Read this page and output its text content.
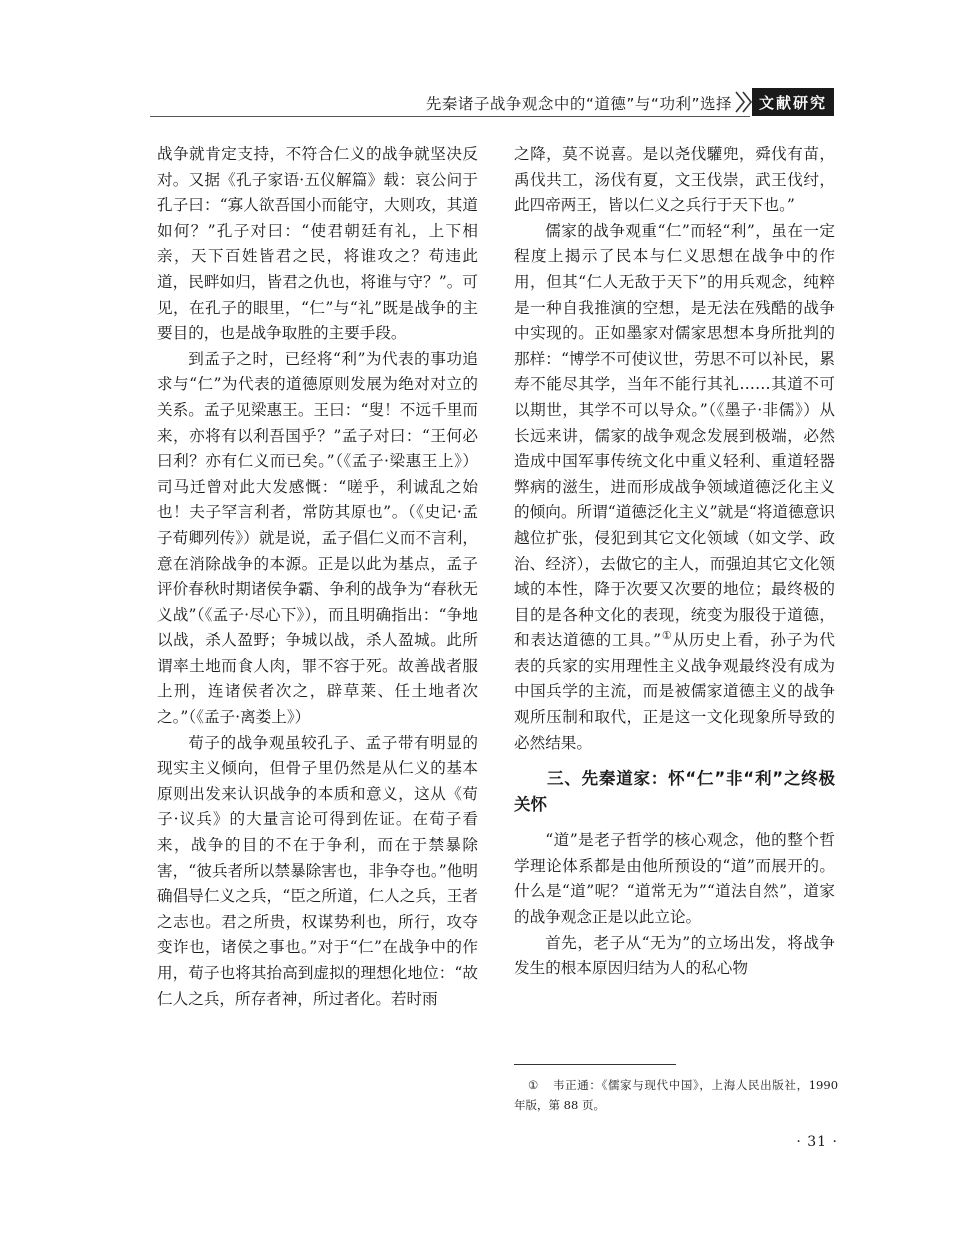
先秦诸子战争观念中的“道德”与“功利”选择	文献研究

战争就肯定支持，不符合仁义的战争就坚决反对。又据《孔子家语·五仪解篇》载：哀公问于孔子曰：“寡人欲吾国小而能守，大则攻，其道如何？”孔子对曰：“使君朝廷有礼，上下相亲，天下百姓皆君之民，将谁攻之？苟违此道，民畔如归，皆君之仇也，将谁与守？”。可见，在孔子的眼里，“仁”与“礼”既是战争的主要目的，也是战争取胜的主要手段。

到孟子之时，已经将“利”为代表的事功追求与“仁”为代表的道德原则发展为绝对对立的关系。孟子见梁惠王。王曰：“叟！不远千里而来，亦将有以利吾国乎？”孟子对曰：“王何必曰利？亦有仁义而已矣。”（《孟子·梁惠王上》）司马迁曾对此大发感慨：“嗟乎，利诚乱之始也！夫子罕言利者，常防其原也”。（《史记·孟子荀卿列传》）就是说，孟子倡仁义而不言利，意在消除战争的本源。正是以此为基点，孟子评价春秋时期诸侯争霸、争利的战争为“春秋无义战”（《孟子·尽心下》），而且明确指出：“争地以战，杀人盈野；争城以战，杀人盈城。此所谓率土地而食人肉，罪不容于死。故善战者服上刑，连诸侯者次之，辟草莱、任土地者次之。”（《孟子·离娄上》）

荀子的战争观虽较孔子、孟子带有明显的现实主义倾向，但骨子里仍然是从仁义的基本原则出发来认识战争的本质和意义，这从《荀子·议兵》的大量言论可得到佐证。在荀子看来，战争的目的不在于争利，而在于禁暴除害，“彼兵者所以禁暴除害也，非争夺也。”他明确倡导仁义之兵，“臣之所道，仁人之兵，王者之志也。君之所贵，权谋势利也，所行，攻夺变诈也，诸侯之事也。”对于“仁”在战争中的作用，荀子也将其抬高到虚拟的理想化地位：“故仁人之兵，所存者神，所过者化。若时雨

之降，莫不说喜。是以尧伐驩兜，舜伐有苗，禹伐共工，汤伐有夏，文王伐崇，武王伐纣，此四帝两王，皆以仁义之兵行于天下也。”

儒家的战争观重“仁”而轻“利”，虽在一定程度上揭示了民本与仁义思想在战争中的作用，但其“仁人无敌于天下”的用兵观念，纯粹是一种自我推演的空想，是无法在残酷的战争中实现的。正如墨家对儒家思想本身所批判的那样：“博学不可使议世，劳思不可以补民，累寿不能尽其学，当年不能行其礼……其道不可以期世，其学不可以导众。”（《墨子·非儒》）从长远来讲，儒家的战争观念发展到极端，必然造成中国军事传统文化中重义轻利、重道轻器弊病的滋生，进而形成战争领域道德泛化主义的倾向。所谓“道德泛化主义”就是“将道德意识越位扩张，侵犯到其它文化领域（如文学、政治、经济），去做它的主人，而强迫其它文化领域的本性，降于次要又次要的地位；最终极的目的是各种文化的表现，统变为服役于道德，和表达道德的工具。”①从历史上看，孙子为代表的兵家的实用理性主义战争观最终没有成为中国兵学的主流，而是被儒家道德主义的战争观所压制和取代，正是这一文化现象所导致的必然结果。

三、先秦道家：怀“仁”非“利”之终极关怀

“道”是老子哲学的核心观念，他的整个哲学理论体系都是由他所预设的“道”而展开的。什么是“道”呢？“道常无为”“道法自然”，道家的战争观念正是以此立论。

首先，老子从“无为”的立场出发，将战争发生的根本原因归结为人的私心物

① 韦正通：《儒家与现代中国》，上海人民出版社，1990 年版，第 88 页。
· 31 ·
